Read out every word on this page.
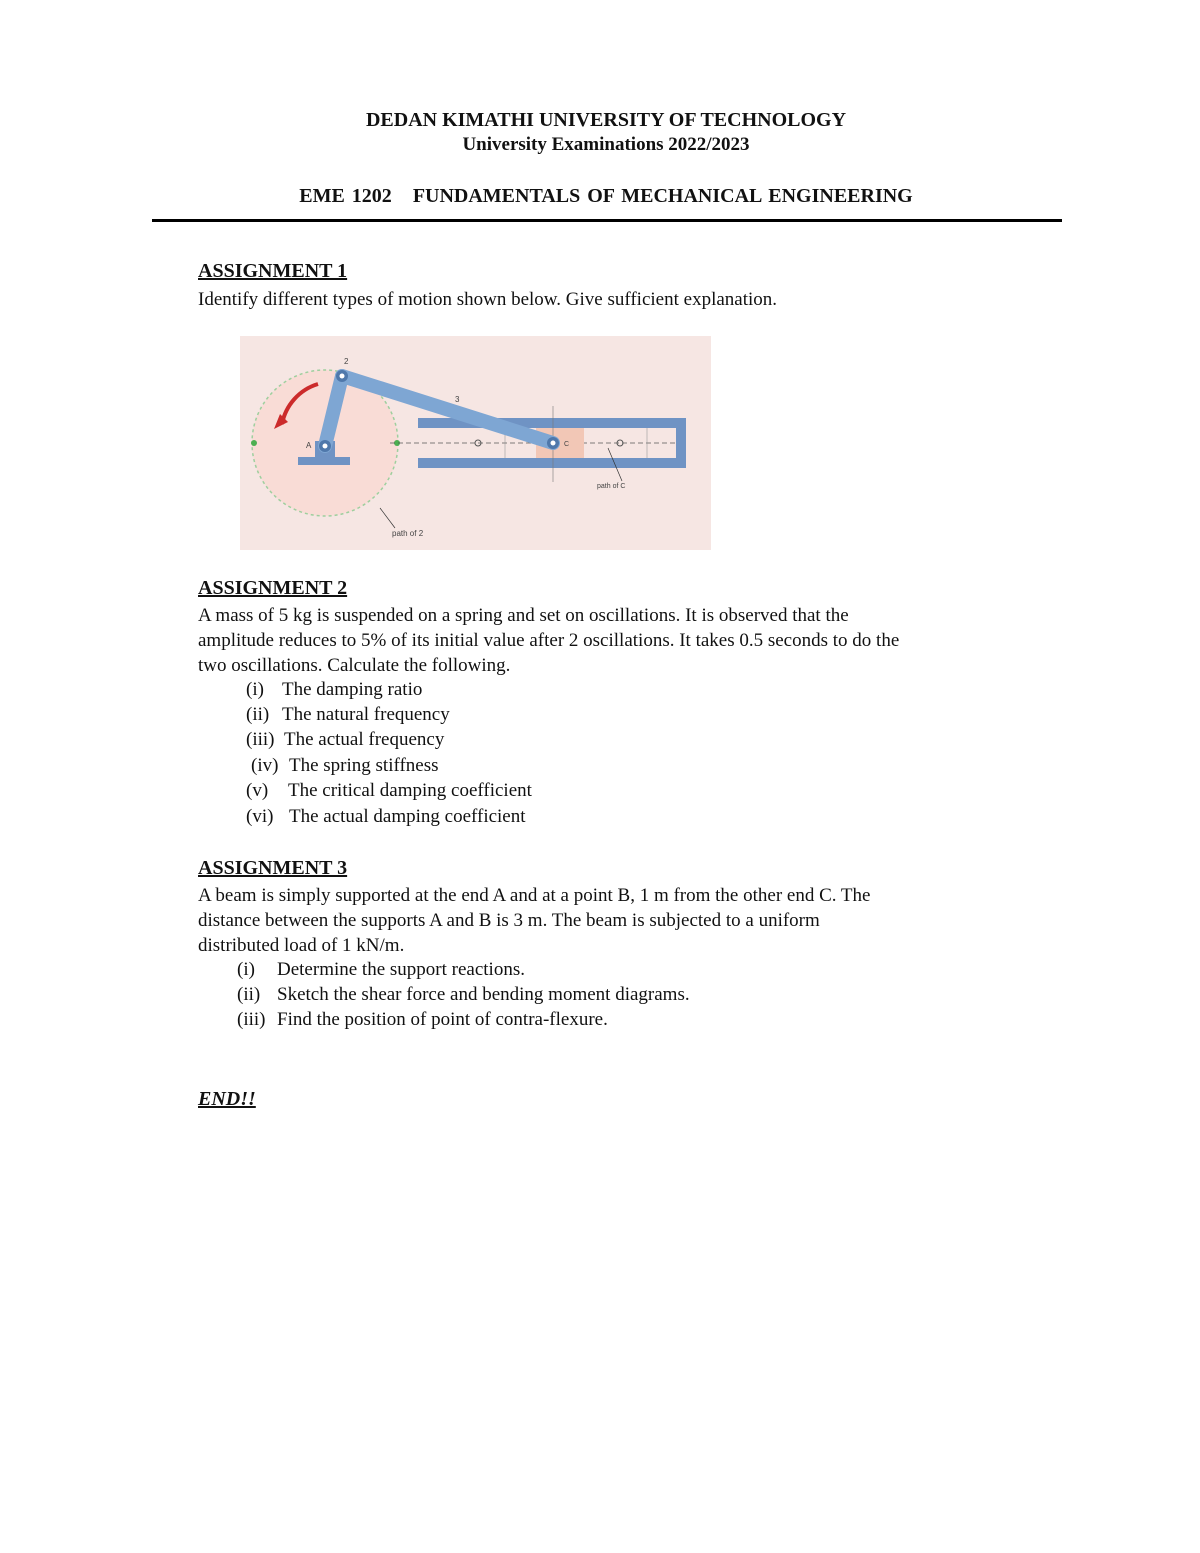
DEDAN KIMATHI UNIVERSITY OF TECHNOLOGY
University Examinations 2022/2023
EME 1202 FUNDAMENTALS OF MECHANICAL ENGINEERING
ASSIGNMENT 1
Identify different types of motion shown below. Give sufficient explanation.
2
3
A	C
path of 2
path of C
ASSIGNMENT 2
A mass of 5 kg is suspended on a spring and set on oscillations. It is observed that the
amplitude reduces to 5% of its initial value after 2 oscillations. It takes 0.5 seconds to do the
two oscillations. Calculate the following.
(i) The damping ratio
(ii) The natural frequency
(iii) The actual frequency
(iv) The spring stiffness
(v) The critical damping coefficient
(vi) The actual damping coefficient
ASSIGNMENT 3
A beam is simply supported at the end A and at a point B, 1 m from the other end C. The
distance between the supports A and B is 3 m. The beam is subjected to a uniform
distributed load of 1 kN/m.
(i) Determine the support reactions.
(ii) Sketch the shear force and bending moment diagrams.
(iii) Find the position of point of contra-flexure.
END!!
